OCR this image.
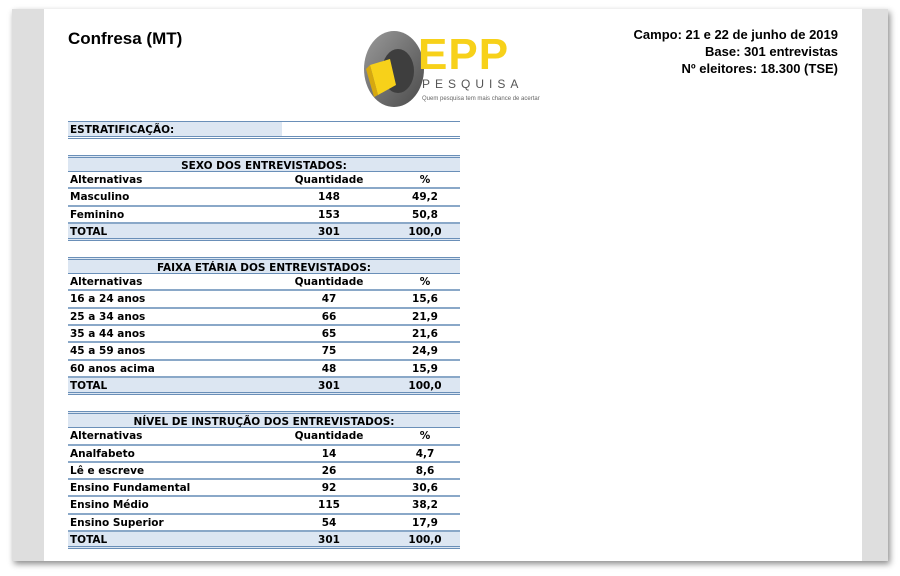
Confresa (MT)	EPP
PESQUISA
Quem pesquisa tem mais chance de acertar
Campo: 21 e 22 de junho de 2019
Base: 301 entrevistas
Nº eleitores: 18.300 (TSE)
ESTRATIFICAÇÃO:
SEXO DOS ENTREVISTADOS:
Alternativas	Quantidade	%
Masculino	148	49,2
Feminino	153	50,8
TOTAL	301	100,0
FAIXA ETÁRIA DOS ENTREVISTADOS:
Alternativas	Quantidade	%
16 a 24 anos	47	15,6
25 a 34 anos	66	21,9
35 a 44 anos	65	21,6
45 a 59 anos	75	24,9
60 anos acima	48	15,9
TOTAL	301	100,0
NÍVEL DE INSTRUÇÃO DOS ENTREVISTADOS:
Alternativas	Quantidade	%
Analfabeto	14	4,7
Lê e escreve	26	8,6
Ensino Fundamental	92	30,6
Ensino Médio	115	38,2
Ensino Superior	54	17,9
TOTAL	301	100,0
